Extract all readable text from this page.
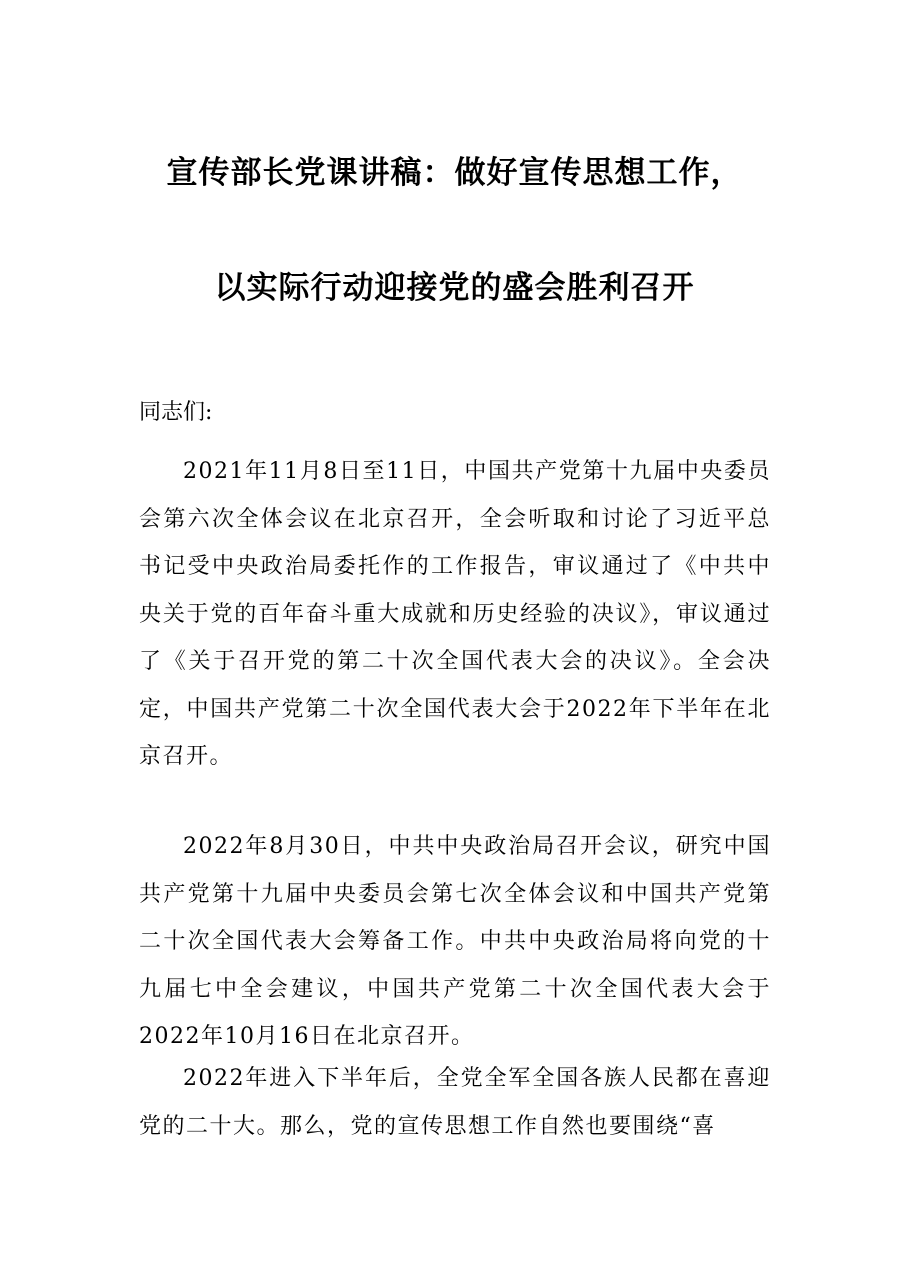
宣传部长党课讲稿：做好宣传思想工作，
以实际行动迎接党的盛会胜利召开

同志们:

2021年11月8日至11日，中国共产党第十九届中央委员会第六次全体会议在北京召开，全会听取和讨论了习近平总书记受中央政治局委托作的工作报告，审议通过了《中共中央关于党的百年奋斗重大成就和历史经验的决议》，审议通过了《关于召开党的第二十次全国代表大会的决议》。全会决定，中国共产党第二十次全国代表大会于2022年下半年在北京召开。

2022年8月30日，中共中央政治局召开会议，研究中国共产党第十九届中央委员会第七次全体会议和中国共产党第二十次全国代表大会筹备工作。中共中央政治局将向党的十九届七中全会建议，中国共产党第二十次全国代表大会于2022年10月16日在北京召开。

2022年进入下半年后，全党全军全国各族人民都在喜迎党的二十大。那么，党的宣传思想工作自然也要围绕“喜
